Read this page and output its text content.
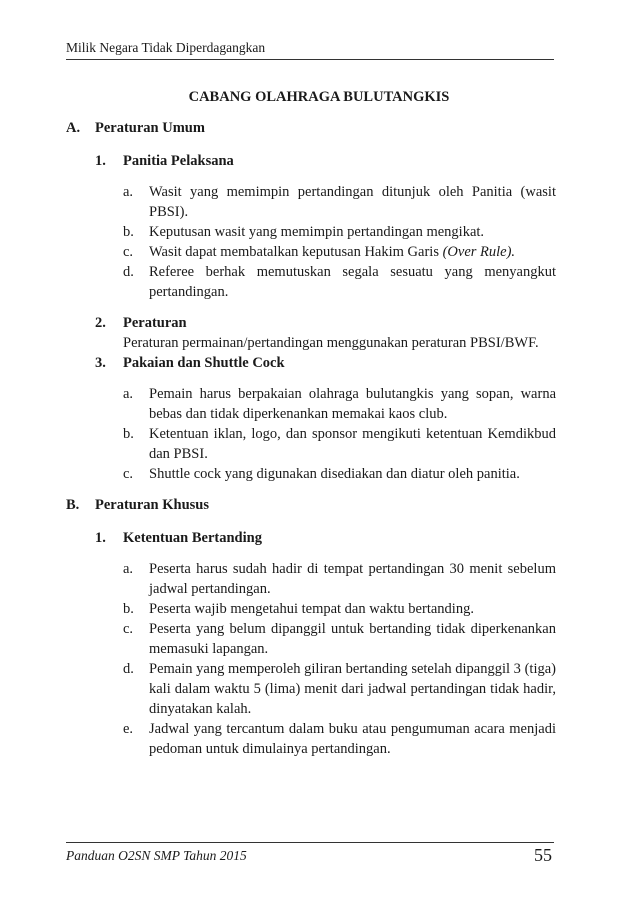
Milik Negara Tidak Diperdagangkan
CABANG OLAHRAGA BULUTANGKIS
A. Peraturan Umum
1. Panitia Pelaksana
a. Wasit yang memimpin pertandingan ditunjuk oleh Panitia (wasit PBSI).
b. Keputusan wasit yang memimpin pertandingan mengikat.
c. Wasit dapat membatalkan keputusan Hakim Garis (Over Rule).
d. Referee berhak memutuskan segala sesuatu yang menyangkut pertandingan.
2. Peraturan
Peraturan permainan/pertandingan menggunakan peraturan PBSI/BWF.
3. Pakaian dan Shuttle Cock
a. Pemain harus berpakaian olahraga bulutangkis yang sopan, warna bebas dan tidak diperkenankan memakai kaos club.
b. Ketentuan iklan, logo, dan sponsor mengikuti ketentuan Kemdikbud dan PBSI.
c. Shuttle cock yang digunakan disediakan dan diatur oleh panitia.
B. Peraturan Khusus
1. Ketentuan Bertanding
a. Peserta harus sudah hadir di tempat pertandingan 30 menit sebelum jadwal pertandingan.
b. Peserta wajib mengetahui tempat dan waktu bertanding.
c. Peserta yang belum dipanggil untuk bertanding tidak diperkenankan memasuki lapangan.
d. Pemain yang memperoleh giliran bertanding setelah dipanggil 3 (tiga) kali dalam waktu 5 (lima) menit dari jadwal pertandingan tidak hadir, dinyatakan kalah.
e. Jadwal yang tercantum dalam buku atau pengumuman acara menjadi pedoman untuk dimulainya pertandingan.
Panduan O2SN SMP Tahun 2015	55
